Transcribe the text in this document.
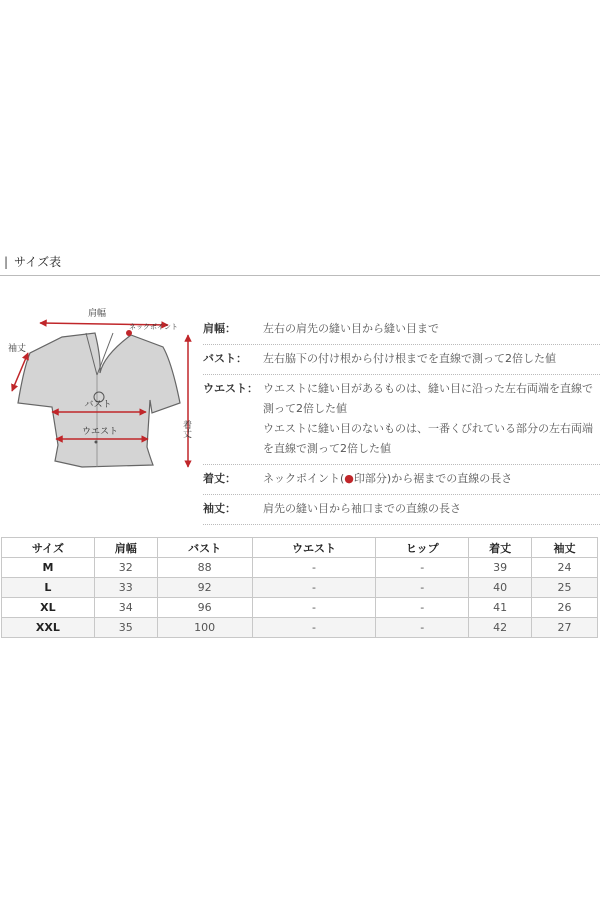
| サイズ表
肩幅
ネックポイント
袖丈
バスト
ウエスト	着丈
肩幅： 左右の肩先の縫い目から縫い目まで
バスト： 左右脇下の付け根から付け根までを直線で測って2倍した値
ウエスト： ウエストに縫い目があるものは、縫い目に沿った左右両端を直線で
測って2倍した値
ウエストに縫い目のないものは、一番くびれている部分の左右両端
を直線で測って2倍した値
着丈： ネックポイント(●印部分)から裾までの直線の長さ
袖丈： 肩先の縫い目から袖口までの直線の長さ
サイズ	肩幅	バスト	ウエスト	ヒップ	着丈	袖丈
M	32	88	-	-	39	24
L	33	92	-	-	40	25
XL	34	96	-	-	41	26
XXL	35	100	-	-	42	27
